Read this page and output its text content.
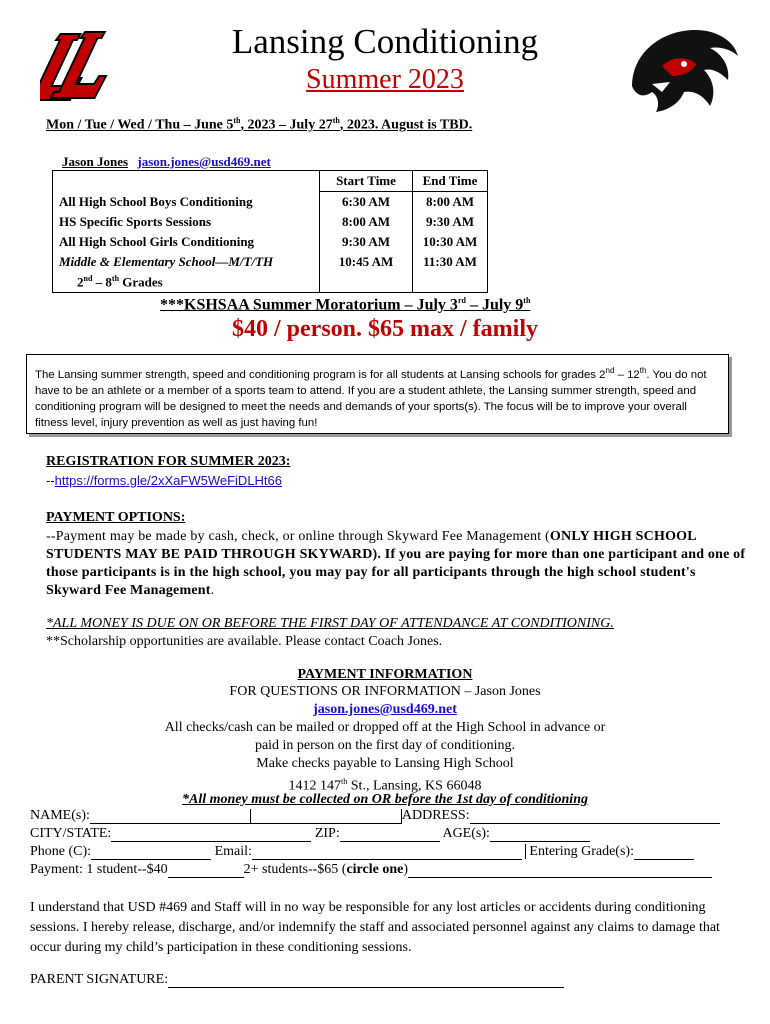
Lansing Conditioning
Summer 2023
Mon / Tue / Wed / Thu – June 5th, 2023 – July 27th, 2023. August is TBD.
Jason Jones jason.jones@usd469.net
	Start Time	End Time
All High School Boys Conditioning	6:30 AM	8:00 AM
HS Specific Sports Sessions	8:00 AM	9:30 AM
All High School Girls Conditioning	9:30 AM	10:30 AM
Middle & Elementary School—M/T/TH	10:45 AM	11:30 AM
2nd – 8th Grades		
***KSHSAA Summer Moratorium – July 3rd – July 9th
$40 / person. $65 max / family
The Lansing summer strength, speed and conditioning program is for all students at Lansing schools for grades 2nd – 12th. You do not have to be an athlete or a member of a sports team to attend. If you are a student athlete, the Lansing summer strength, speed and conditioning program will be designed to meet the needs and demands of your sports(s). The focus will be to improve your overall fitness level, injury prevention as well as just having fun!
REGISTRATION FOR SUMMER 2023:
--https://forms.gle/2xXaFW5WeFiDLHt66
PAYMENT OPTIONS:
--Payment may be made by cash, check, or online through Skyward Fee Management (ONLY HIGH SCHOOL STUDENTS MAY BE PAID THROUGH SKYWARD). If you are paying for more than one participant and one of those participants is in the high school, you may pay for all participants through the high school student's Skyward Fee Management.
*ALL MONEY IS DUE ON OR BEFORE THE FIRST DAY OF ATTENDANCE AT CONDITIONING.
**Scholarship opportunities are available. Please contact Coach Jones.
PAYMENT INFORMATION
FOR QUESTIONS OR INFORMATION – Jason Jones
jason.jones@usd469.net
All checks/cash can be mailed or dropped off at the High School in advance or
paid in person on the first day of conditioning.
Make checks payable to Lansing High School
1412 147th St., Lansing, KS 66048
*All money must be collected on OR before the 1st day of conditioning
NAME(s):	ADDRESS:
CITY/STATE:	ZIP:	AGE(s):
Phone (C):	Email:	Entering Grade(s):
Payment: 1 student--$40	2+ students--$65 (circle one)
I understand that USD #469 and Staff will in no way be responsible for any lost articles or accidents during conditioning sessions. I hereby release, discharge, and/or indemnify the staff and associated personnel against any claims to damage that occur during my child’s participation in these conditioning sessions.
PARENT SIGNATURE:
